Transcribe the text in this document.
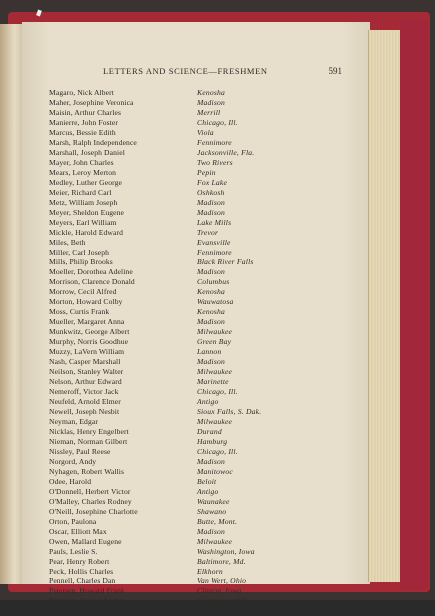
LETTERS AND SCIENCE—FRESHMEN	591
Magaro, Nick Albert	Kenosha
Maher, Josephine Veronica	Madison
Maisin, Arthur Charles	Merrill
Manierre, John Foster	Chicago, Ill.
Marcus, Bessie Edith	Viola
Marsh, Ralph Independence	Fennimore
Marshall, Joseph Daniel	Jacksonville, Fla.
Mayer, John Charles	Two Rivers
Mears, Leroy Merton	Pepin
Medley, Luther George	Fox Lake
Meier, Richard Carl	Oshkosh
Metz, William Joseph	Madison
Meyer, Sheldon Eugene	Madison
Meyers, Earl William	Lake Mills
Mickle, Harold Edward	Trevor
Miles, Beth	Evansville
Miller, Carl Joseph	Fennimore
Mills, Philip Brooks	Black River Falls
Moeller, Dorothea Adeline	Madison
Morrison, Clarence Donald	Columbus
Morrow, Cecil Alfred	Kenosha
Morton, Howard Colby	Wauwatosa
Moss, Curtis Frank	Kenosha
Mueller, Margaret Anna	Madison
Munkwitz, George Albert	Milwaukee
Murphy, Norris Goodhue	Green Bay
Muzzy, LaVern William	Lannon
Nash, Casper Marshall	Madison
Neilson, Stanley Walter	Milwaukee
Nelson, Arthur Edward	Marinette
Nemeroff, Victor Jack	Chicago, Ill.
Neufeld, Arnold Elmer	Antigo
Newell, Joseph Nesbit	Sioux Falls, S. Dak.
Neyman, Edgar	Milwaukee
Nicklas, Henry Engelbert	Durand
Nieman, Norman Gilbert	Hamburg
Nissley, Paul Reese	Chicago, Ill.
Norgord, Andy	Madison
Nyhagen, Robert Wallis	Manitowoc
Odee, Harold	Beloit
O'Donnell, Herbert Victor	Antigo
O'Malley, Charles Rodney	Waunakee
O'Neill, Josephine Charlotte	Shawano
Orton, Paulona	Butte, Mont.
Oscar, Elliott Max	Madison
Owen, Mallard Eugene	Milwaukee
Pauls, Leslie S.	Washington, Iowa
Pear, Henry Robert	Baltimore, Md.
Peck, Hollis Charles	Elkhorn
Pennell, Charles Dan	Van Wert, Ohio
Petersen, Howard Frank	Clinton, Iowa
Peterson, Robert Andrew	Commonwealth
Peterson, Robert Lawrence	Waupaca
